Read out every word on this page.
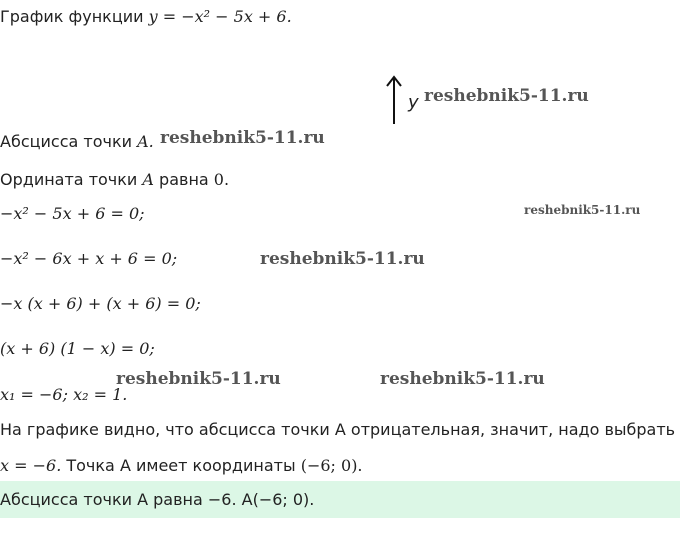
График функции y = −x² − 5x + 6.
y
Абсцисса точки A.
Ордината точки A равна 0.
−x² − 5x + 6 = 0;
−x² − 6x + x + 6 = 0;
−x (x + 6) + (x + 6) = 0;
(x + 6) (1 − x) = 0;
x₁ = −6; x₂ = 1.
На графике видно, что абсцисса точки A отрицательная, значит, надо выбрать
x = −6. Точка A имеет координаты (−6; 0).
Абсцисса точки A равна −6. A(−6; 0).
reshebnik5-11.ru
reshebnik5-11.ru
reshebnik5-11.ru
reshebnik5-11.ru
reshebnik5-11.ru	reshebnik5-11.ru
